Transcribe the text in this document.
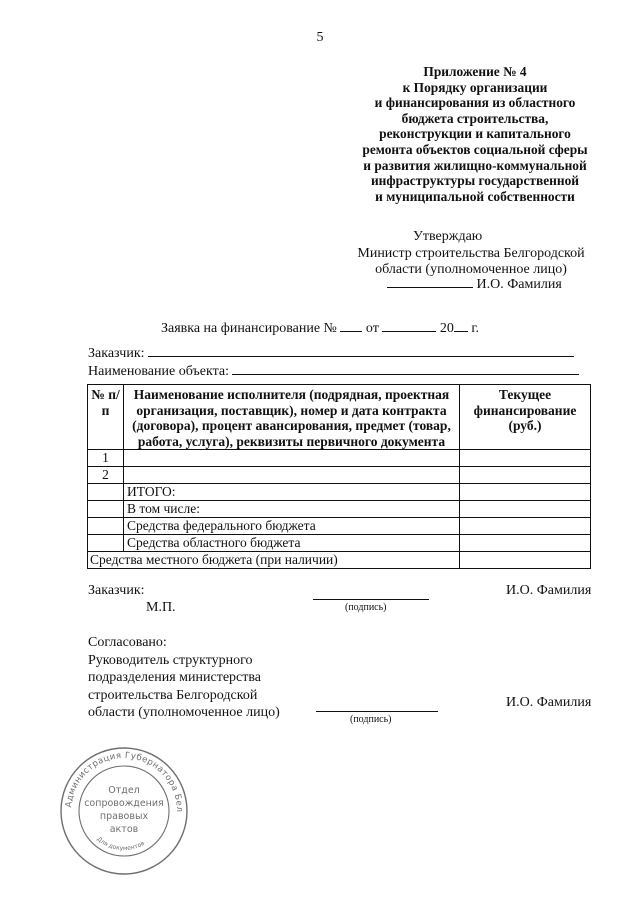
5
Приложение № 4
к Порядку организации
и финансирования из областного
бюджета строительства,
реконструкции и капитального
ремонта объектов социальной сферы
и развития жилищно-коммунальной
инфраструктуры государственной
и муниципальной собственности
Утверждаю
Министр строительства Белгородской
области (уполномоченное лицо)
И.О. Фамилия
Заявка на финансирование № от	20 г.
Заказчик:
Наименование объекта:
№ п/п	Наименование исполнителя (подрядная, проектная организация, поставщик), номер и дата контракта (договора), процент авансирования, предмет (товар, работа, услуга), реквизиты первичного документа	Текущее финансирование (руб.)
1		
2		
	ИТОГО:	
	В том числе:	
	Средства федерального бюджета	
	Средства областного бюджета	
Средства местного бюджета (при наличии)		
Заказчик:
М.П.	(подпись)
И.О. Фамилия
Согласовано:
Руководитель структурного
подразделения министерства
строительства Белгородской
области (уполномоченное лицо)	(подпись)
И.О. Фамилия
Администрация Губернатора Бел
Для документов
Отдел
сопровождения
правовых
актов
